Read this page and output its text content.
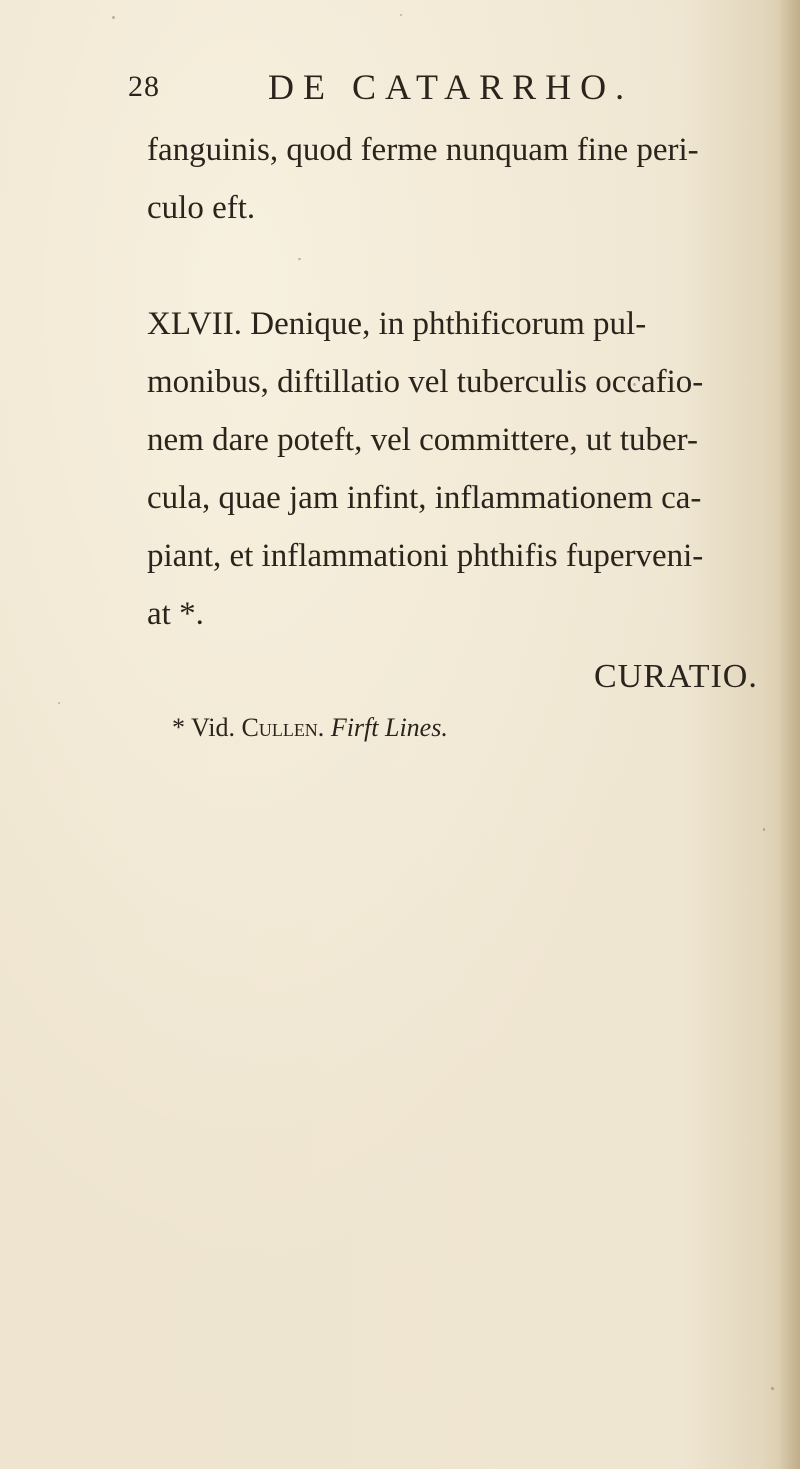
28	DE CATARRHO.
fanguinis, quod ferme nunquam fine peri-
culo eft.
XLVII. Denique, in phthificorum pul-
monibus, diftillatio vel tuberculis occafio-
nem dare poteft, vel committere, ut tuber-
cula, quae jam infint, inflammationem ca-
piant, et inflammationi phthifis fuperveni-
at *.
CURATIO.
* Vid. Cullen. Firft Lines.
